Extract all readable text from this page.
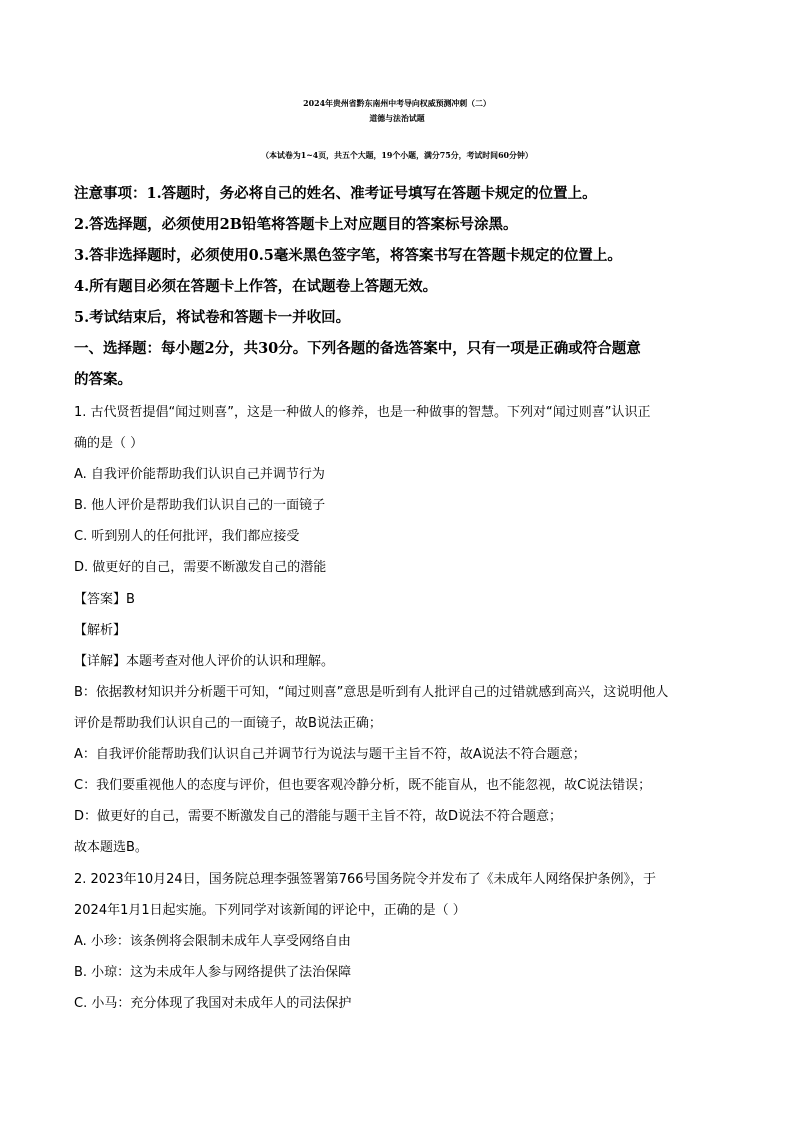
2024年贵州省黔东南州中考导向权威预测冲刺（二）
道德与法治试题
（本试卷为1~4页，共五个大题，19个小题，满分75分，考试时间60分钟）
注意事项：1.答题时，务必将自己的姓名、准考证号填写在答题卡规定的位置上。
2.答选择题，必须使用2B铅笔将答题卡上对应题目的答案标号涂黑。
3.答非选择题时，必须使用0.5毫米黑色签字笔，将答案书写在答题卡规定的位置上。
4.所有题目必须在答题卡上作答，在试题卷上答题无效。
5.考试结束后，将试卷和答题卡一并收回。
一、选择题：每小题2分，共30分。下列各题的备选答案中，只有一项是正确或符合题意
的答案。
1. 古代贤哲提倡“闻过则喜”，这是一种做人的修养，也是一种做事的智慧。下列对“闻过则喜”认识正
确的是（ ）
A. 自我评价能帮助我们认识自己并调节行为
B. 他人评价是帮助我们认识自己的一面镜子
C. 听到别人的任何批评，我们都应接受
D. 做更好的自己，需要不断激发自己的潜能
【答案】B
【解析】
【详解】本题考查对他人评价的认识和理解。
B：依据教材知识并分析题干可知，“闻过则喜”意思是听到有人批评自己的过错就感到高兴，这说明他人
评价是帮助我们认识自己的一面镜子，故B说法正确；
A：自我评价能帮助我们认识自己并调节行为说法与题干主旨不符，故A说法不符合题意；
C：我们要重视他人的态度与评价，但也要客观冷静分析，既不能盲从，也不能忽视，故C说法错误；
D：做更好的自己，需要不断激发自己的潜能与题干主旨不符，故D说法不符合题意；
故本题选B。
2. 2023年10月24日，国务院总理李强签署第766号国务院令并发布了《未成年人网络保护条例》，于
2024年1月1日起实施。下列同学对该新闻的评论中，正确的是（ ）
A. 小珍：该条例将会限制未成年人享受网络自由
B. 小琼：这为未成年人参与网络提供了法治保障
C. 小马：充分体现了我国对未成年人的司法保护
